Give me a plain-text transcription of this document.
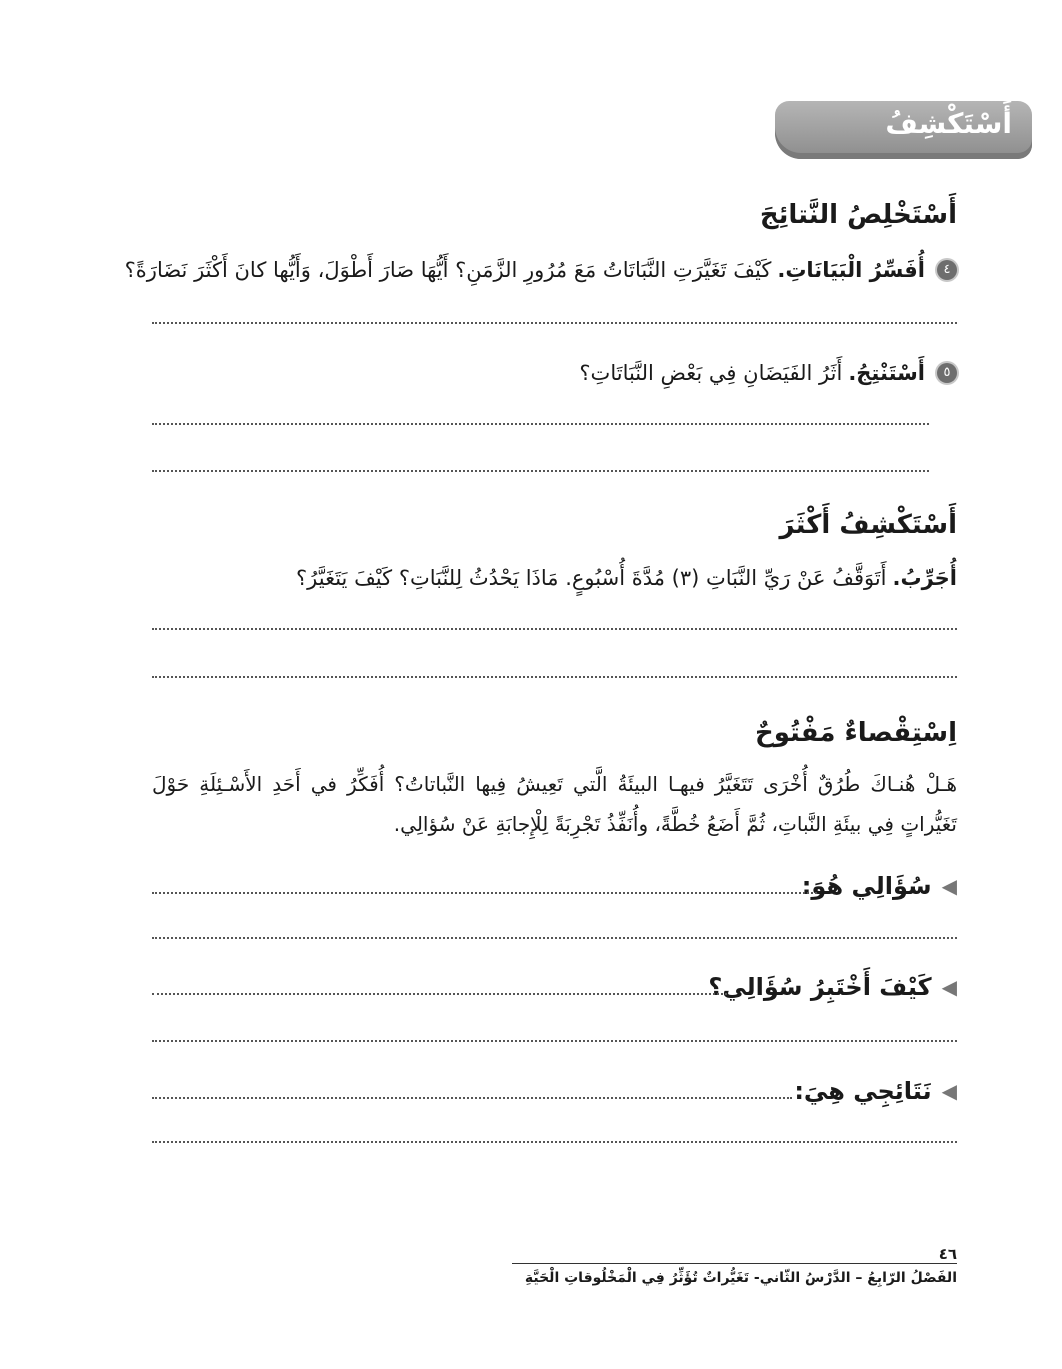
أَسْتَكْشِفُ
أَسْتَخْلِصُ النَّتائِجَ
٤
أُفَسِّرُ الْبَيَانَاتِ.
كَيْفَ تَغَيَّرَتِ النَّبَاتَاتُ مَعَ مُرُورِ الزَّمَنِ؟ أَيُّهَا صَارَ أَطْوَلَ، وَأَيُّها كانَ أَكْثَرَ نَضَارَةً؟
٥
أَسْتَنْتِجُ.
أَثَرُ الفَيَضَانِ فِي بَعْضِ النَّبَاتَاتِ؟
أَسْتَكْشِفُ أَكْثَرَ
أُجَرِّبُ.
أَتَوَقَّفُ عَنْ رَيِّ النَّبَاتِ (٣) مُدَّةَ أُسْبُوعٍ. مَاذَا يَحْدُثُ لِلنَّبَاتِ؟ كَيْفَ يَتَغَيَّرُ؟
اِسْتِقْصاءٌ مَفْتُوحٌ
هَـلْ هُنـاكَ طُرُقٌ أُخْرَى تَتَغَيَّرُ فيهـا البيئَةُ الَّتي تَعِيشُ فِيها النَّباتاتُ؟ أُفَكِّرُ في أَحَدِ الأَسْـئِلَةِ حَوْلَ تَغَيُّراتٍ فِي بيئَةِ النَّباتِ، ثُمَّ أَضَعُ خُطَّةً، وأُنَفِّذُ تَجْرِبَةً لِلْإِجابَةِ عَنْ سُؤالِي.
◀
سُؤَالِي هُوَ:
◀
كَيْفَ أَخْتَبِرُ سُؤَالِي؟
◀
نَتَائِجِي هِيَ:
٤٦
الفَصْلُ الرّابِعُ – الدَّرْسُ الثّاني- تَغَيُّراتٌ تُؤَثِّرُ فِي الْمَخْلُوقاتِ الْحَيَّةِ
